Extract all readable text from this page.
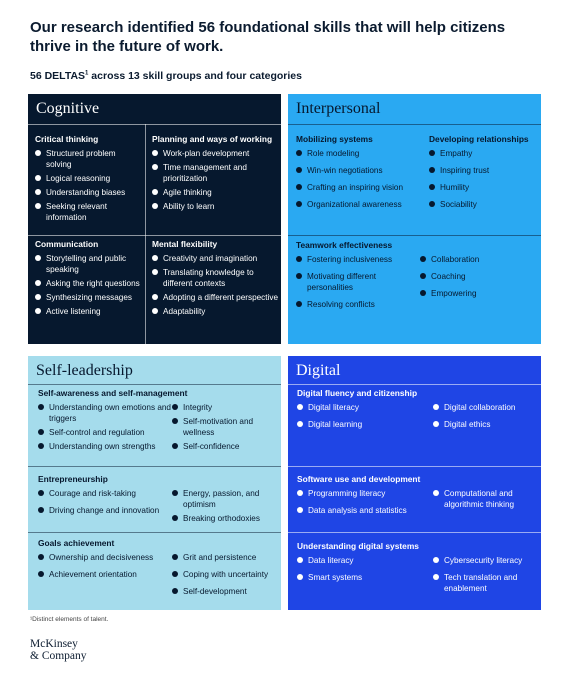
Our research identified 56 foundational skills that will help citizens thrive in the future of work.
56 DELTAS$^1$ across 13 skill groups and four categories
Cognitive
Critical thinking
Structured problem solving
Logical reasoning
Understanding biases
Seeking relevant information
Planning and ways of working
Work-plan development
Time management and prioritization
Agile thinking
Ability to learn
Communication
Storytelling and public speaking
Asking the right questions
Synthesizing messages
Active listening
Mental flexibility
Creativity and imagination
Translating knowledge to different contexts
Adopting a different perspective
Adaptability
Interpersonal
Mobilizing systems
Role modeling
Win-win negotiations
Crafting an inspiring vision
Organizational awareness
Developing relationships
Empathy
Inspiring trust
Humility
Sociability
Teamwork effectiveness
Fostering inclusiveness
Motivating different personalities
Resolving conflicts
Collaboration
Coaching
Empowering
Self-leadership
Self-awareness and self-management
Understanding own emotions and triggers
Self-control and regulation
Understanding own strengths
Integrity
Self-motivation and wellness
Self-confidence
Entrepreneurship
Courage and risk-taking
Driving change and innovation
Energy, passion, and optimism
Breaking orthodoxies
Goals achievement
Ownership and decisiveness
Achievement orientation
Grit and persistence
Coping with uncertainty
Self-development
Digital
Digital fluency and citizenship
Digital literacy
Digital learning
Digital collaboration
Digital ethics
Software use and development
Programming literacy
Data analysis and statistics
Computational and algorithmic thinking
Understanding digital systems
Data literacy
Smart systems
Cybersecurity literacy
Tech translation and enablement
¹Distinct elements of talent.
McKinsey
& Company
